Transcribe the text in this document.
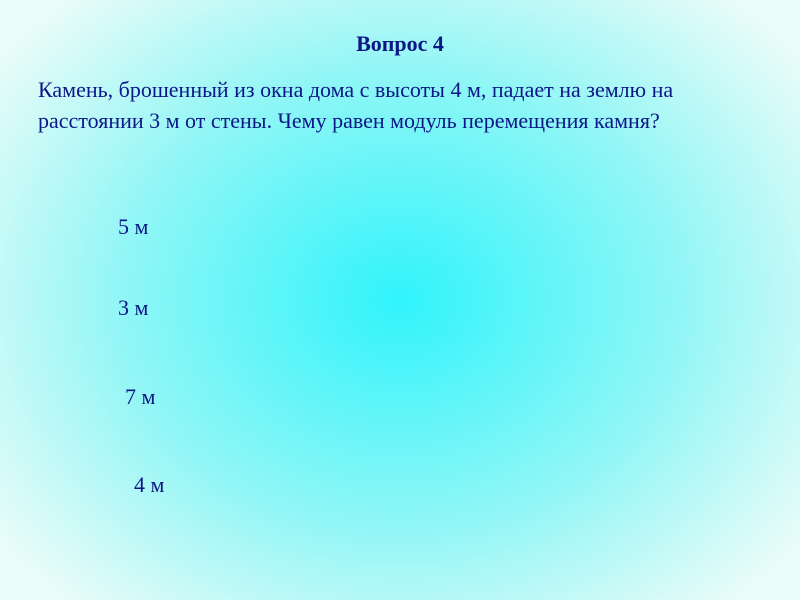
Вопрос 4
Камень, брошенный из окна дома с высоты 4 м, падает на землю на расстоянии 3 м от стены. Чему равен модуль перемещения камня?
5 м
3 м
7 м
4 м
